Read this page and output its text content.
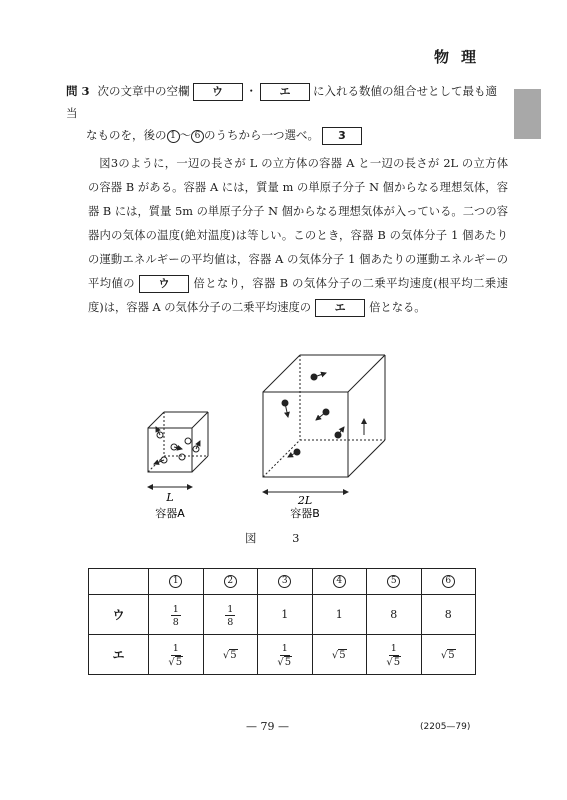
物理
問 3 次の文章中の空欄 ウ ・ エ に入れる数値の組合せとして最も適当
なものを，後の 1 〜 6 のうちから一つ選べ。 3
図3のように，一辺の長さが L の立方体の容器 A と一辺の長さが 2L の立方体の容器 B がある。容器 A には，質量 m の単原子分子 N 個からなる理想気体，容器 B には，質量 5m の単原子分子 N 個からなる理想気体が入っている。二つの容器内の気体の温度(絶対温度)は等しい。このとき，容器 B の気体分子 1 個あたりの運動エネルギーの平均値は，容器 A の気体分子 1 個あたりの運動エネルギーの平均値の ウ 倍となり，容器 B の気体分子の二乗平均速度(根平均二乗速度)は，容器 A の気体分子の二乗平均速度の エ 倍となる。
L
容器A
2L
容器B
図 3
	1	2	3	4	5	6
ウ	$\frac{1}{8}$	$\frac{1}{8}$	1	1	8	8
エ	$\frac{1}{√5}$	√5	$\frac{1}{√5}$	√5	$\frac{1}{√5}$	√5
— 79 —	(2205—79)
